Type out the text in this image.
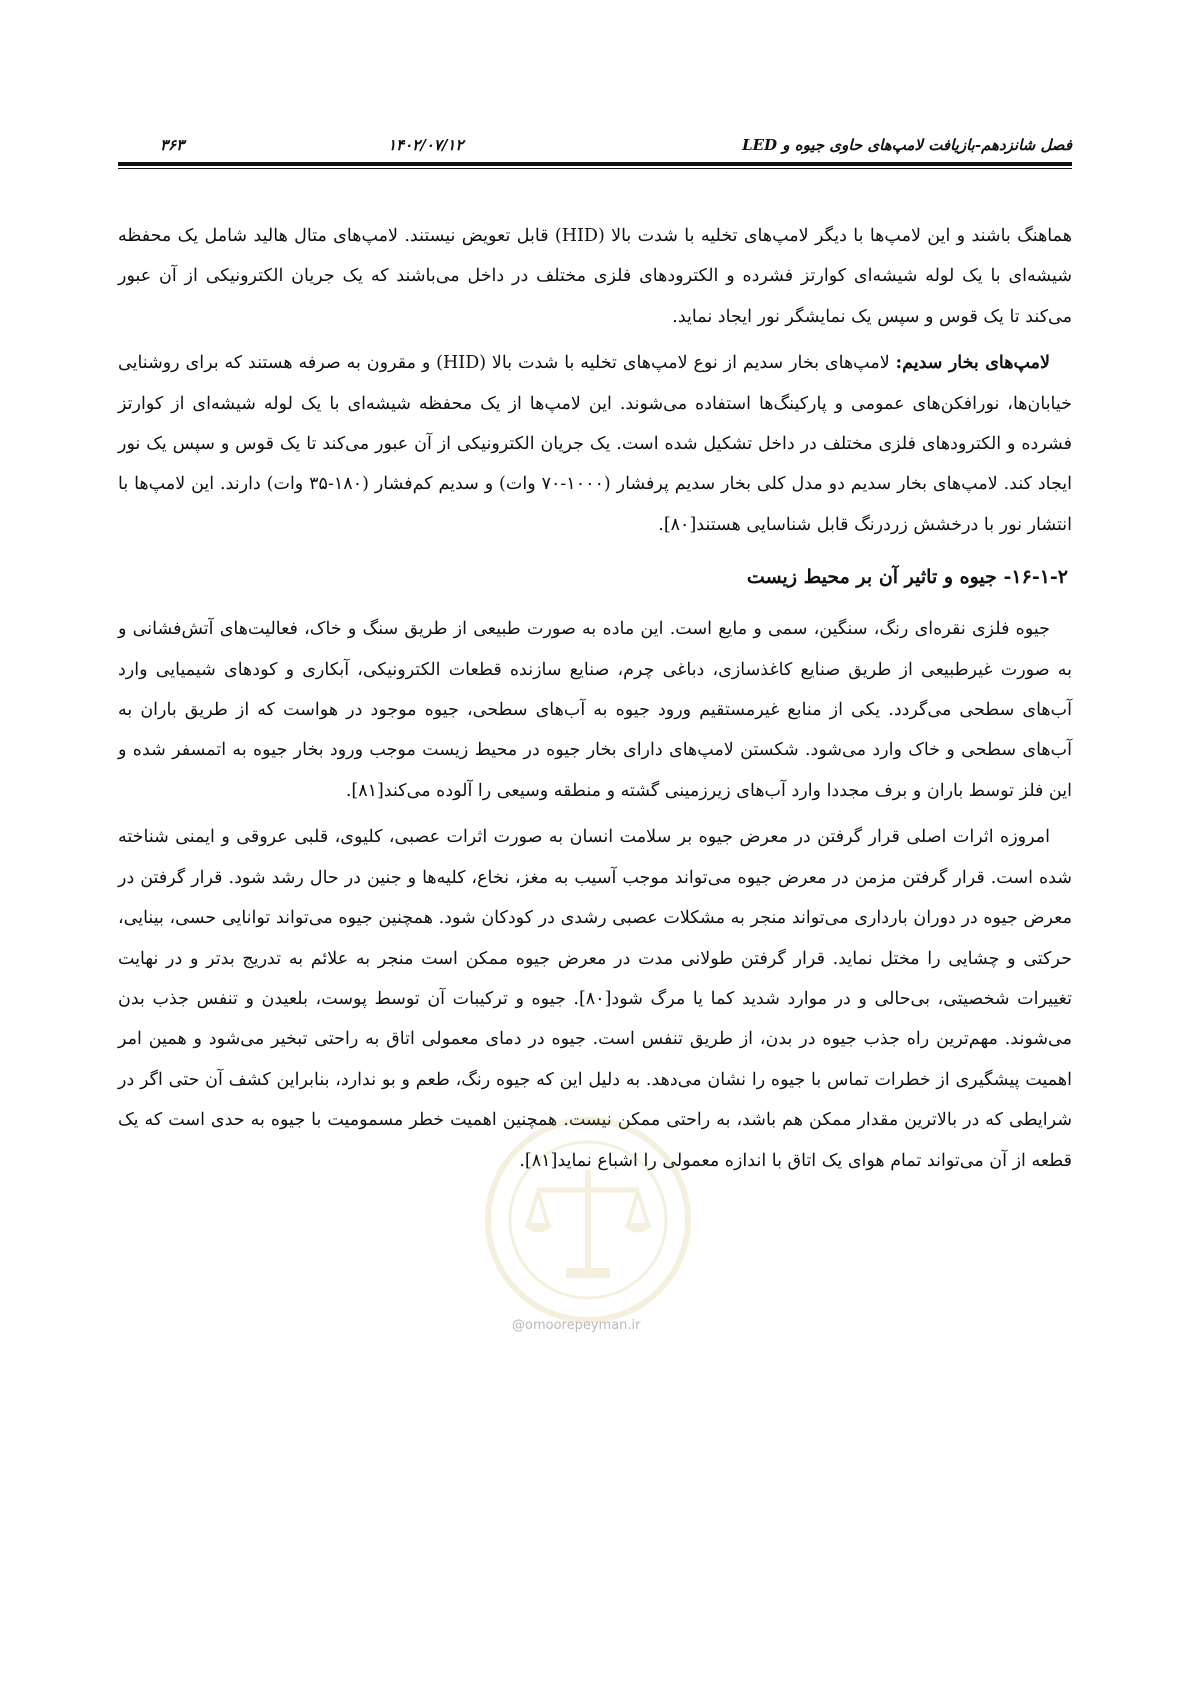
۳۶۳	۱۴۰۲/۰۷/۱۲	فصل شانزدهم-بازیافت لامپ‌های حاوی جیوه و LED

هماهنگ باشند و این لامپ‌ها با دیگر لامپ‌های تخلیه با شدت بالا (HID) قابل تعویض نیستند. لامپ‌های متال هالید شامل یک محفظه شیشه‌ای با یک لوله شیشه‌ای کوارتز فشرده و الکترودهای فلزی مختلف در داخل می‌باشند که یک جریان الکترونیکی از آن عبور می‌کند تا یک قوس و سپس یک نمایشگر نور ایجاد نماید.

لامپ‌های بخار سدیم: لامپ‌های بخار سدیم از نوع لامپ‌های تخلیه با شدت بالا (HID) و مقرون به صرفه هستند که برای روشنایی خیابان‌ها، نورافکن‌های عمومی و پارکینگ‌ها استفاده می‌شوند. این لامپ‌ها از یک محفظه شیشه‌ای با یک لوله شیشه‌ای از کوارتز فشرده و الکترودهای فلزی مختلف در داخل تشکیل شده است. یک جریان الکترونیکی از آن عبور می‌کند تا یک قوس و سپس یک نور ایجاد کند. لامپ‌های بخار سدیم دو مدل کلی بخار سدیم پرفشار (۱۰۰۰-۷۰ وات) و سدیم کم‌فشار (۱۸۰-۳۵ وات) دارند. این لامپ‌ها با انتشار نور با درخشش زردرنگ قابل شناسایی هستند[۸۰].

۱۶-۱-۲- جیوه و تاثیر آن بر محیط زیست

جیوه فلزی نقره‌ای رنگ، سنگین، سمی و مایع است. این ماده به صورت طبیعی از طریق سنگ و خاک، فعالیت‌های آتش‌فشانی و به صورت غیرطبیعی از طریق صنایع کاغذسازی، دباغی چرم، صنایع سازنده قطعات الکترونیکی، آبکاری و کودهای شیمیایی وارد آب‌های سطحی می‌گردد. یکی از منابع غیرمستقیم ورود جیوه به آب‌های سطحی، جیوه موجود در هواست که از طریق باران به آب‌های سطحی و خاک وارد می‌شود. شکستن لامپ‌های دارای بخار جیوه در محیط زیست موجب ورود بخار جیوه به اتمسفر شده و این فلز توسط باران و برف مجددا وارد آب‌های زیرزمینی گشته و منطقه وسیعی را آلوده می‌کند[۸۱].

امروزه اثرات اصلی قرار گرفتن در معرض جیوه بر سلامت انسان به صورت اثرات عصبی، کلیوی، قلبی عروقی و ایمنی شناخته شده است. قرار گرفتن مزمن در معرض جیوه می‌تواند موجب آسیب به مغز، نخاع، کلیه‌ها و جنین در حال رشد شود. قرار گرفتن در معرض جیوه در دوران بارداری می‌تواند منجر به مشکلات عصبی رشدی در کودکان شود. همچنین جیوه می‌تواند توانایی حسی، بینایی، حرکتی و چشایی را مختل نماید. قرار گرفتن طولانی مدت در معرض جیوه ممکن است منجر به علائم به تدریج بدتر و در نهایت تغییرات شخصیتی، بی‌حالی و در موارد شدید کما یا مرگ شود[۸۰]. جیوه و ترکیبات آن توسط پوست، بلعیدن و تنفس جذب بدن می‌شوند. مهم‌ترین راه جذب جیوه در بدن، از طریق تنفس است. جیوه در دمای معمولی اتاق به راحتی تبخیر می‌شود و همین امر اهمیت پیشگیری از خطرات تماس با جیوه را نشان می‌دهد. به دلیل این که جیوه رنگ، طعم و بو ندارد، بنابراین کشف آن حتی اگر در شرایطی که در بالاترین مقدار ممکن هم باشد، به راحتی ممکن نیست. همچنین اهمیت خطر مسمومیت با جیوه به حدی است که یک قطعه از آن می‌تواند تمام هوای یک اتاق با اندازه معمولی را اشباع نماید[۸۱].

@omoorepeyman.ir
